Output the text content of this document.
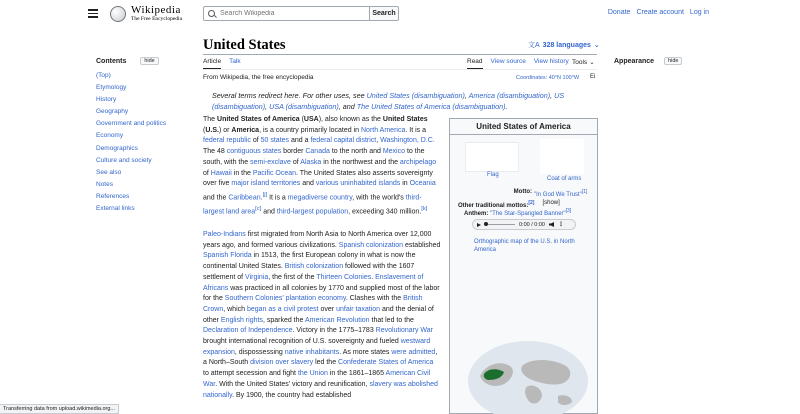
Wikipedia
The Free Encyclopedia
Search Wikipedia
Search	Donate Create account Log in
Contents	hide
(Top)
Etymology
History
Geography
Government and politics
Economy
Demographics
Culture and society
See also
Notes
References
External links
United States	文A 328 languages ⌄
Article Talk	Read View source View history Tools ⌄
From Wikipedia, the free encyclopedia	Coordinates: 40°N 100°W Ei
Several terms redirect here. For other uses, see United States (disambiguation), America (disambiguation), US (disambiguation), USA (disambiguation), and The United States of America (disambiguation).

The United States of America (USA), also known as the United States (U.S.) or America, is a country primarily located in North America. It is a federal republic of 50 states and a federal capital district, Washington, D.C. The 48 contiguous states border Canada to the north and Mexico to the south, with the semi-exclave of Alaska in the northwest and the archipelago of Hawaii in the Pacific Ocean. The United States also asserts sovereignty over five major island territories and various uninhabited islands in Oceania and the Caribbean.[j] It is a megadiverse country, with the world's third-largest land area[c] and third-largest population, exceeding 340 million.[k]

Paleo-Indians first migrated from North Asia to North America over 12,000 years ago, and formed various civilizations. Spanish colonization established Spanish Florida in 1513, the first European colony in what is now the continental United States. British colonization followed with the 1607 settlement of Virginia, the first of the Thirteen Colonies. Enslavement of Africans was practiced in all colonies by 1770 and supplied most of the labor for the Southern Colonies' plantation economy. Clashes with the British Crown, which began as a civil protest over unfair taxation and the denial of other English rights, sparked the American Revolution that led to the Declaration of Independence. Victory in the 1775–1783 Revolutionary War brought international recognition of U.S. sovereignty and fueled westward expansion, dispossessing native inhabitants. As more states were admitted, a North–South division over slavery led the Confederate States of America to attempt secession and fight the Union in the 1861–1865 American Civil War. With the United States' victory and reunification, slavery was abolished nationally. By 1900, the country had established

United States of America
Flag
Coat of arms
Motto: "In God We Trust"[1]
Other traditional mottos:[2]	[show]
Anthem: "The Star-Spangled Banner"[3]
0:00 / 0:00 ⋮
Orthographic map of the U.S. in North America
Appearance	hide
Transferring data from upload.wikimedia.org...
